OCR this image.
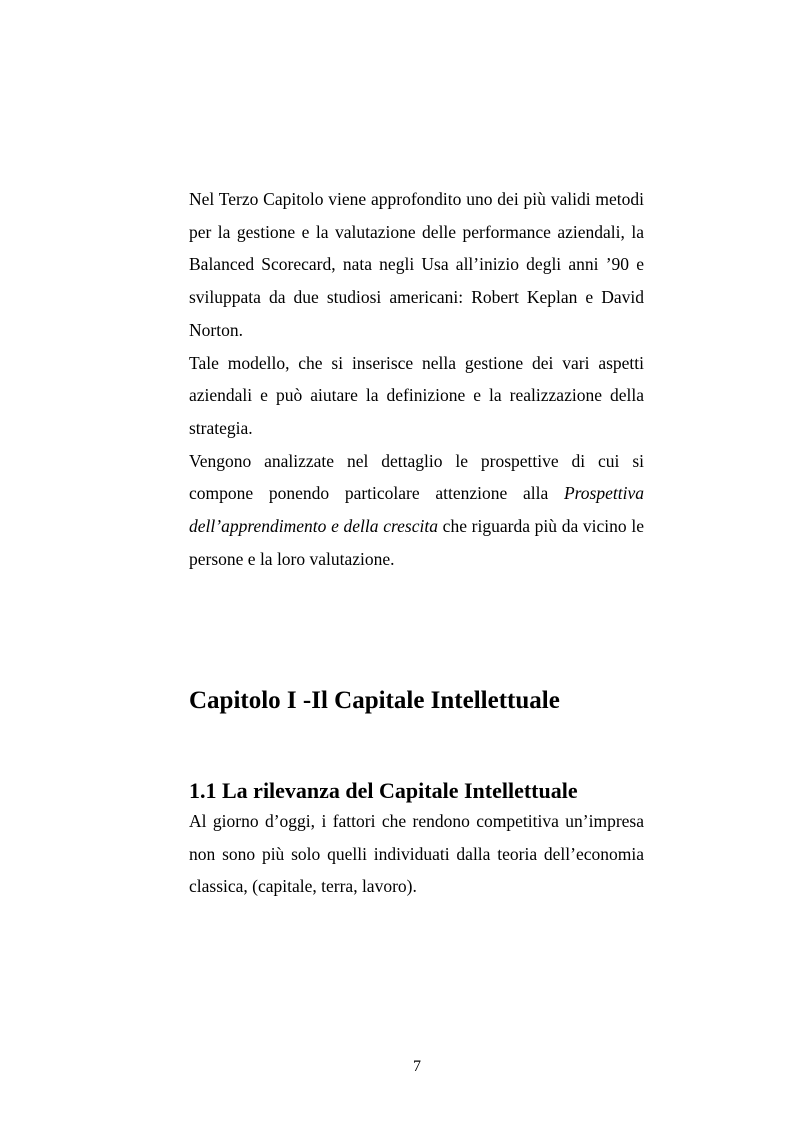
Nel Terzo Capitolo viene approfondito uno dei più validi metodi per la gestione e la valutazione delle performance aziendali, la Balanced Scorecard, nata negli Usa all’inizio degli anni ’90 e sviluppata da due studiosi americani: Robert Keplan e David Norton.

Tale modello, che si inserisce nella gestione dei vari aspetti aziendali e può aiutare la definizione e la realizzazione della strategia.

Vengono analizzate nel dettaglio le prospettive di cui si compone ponendo particolare attenzione alla Prospettiva dell’apprendimento e della crescita che riguarda più da vicino le persone e la loro valutazione.

Capitolo I -Il Capitale Intellettuale
1.1 La rilevanza del Capitale Intellettuale

Al giorno d’oggi, i fattori che rendono competitiva un’impresa non sono più solo quelli individuati dalla teoria dell’economia classica, (capitale, terra, lavoro).

7
